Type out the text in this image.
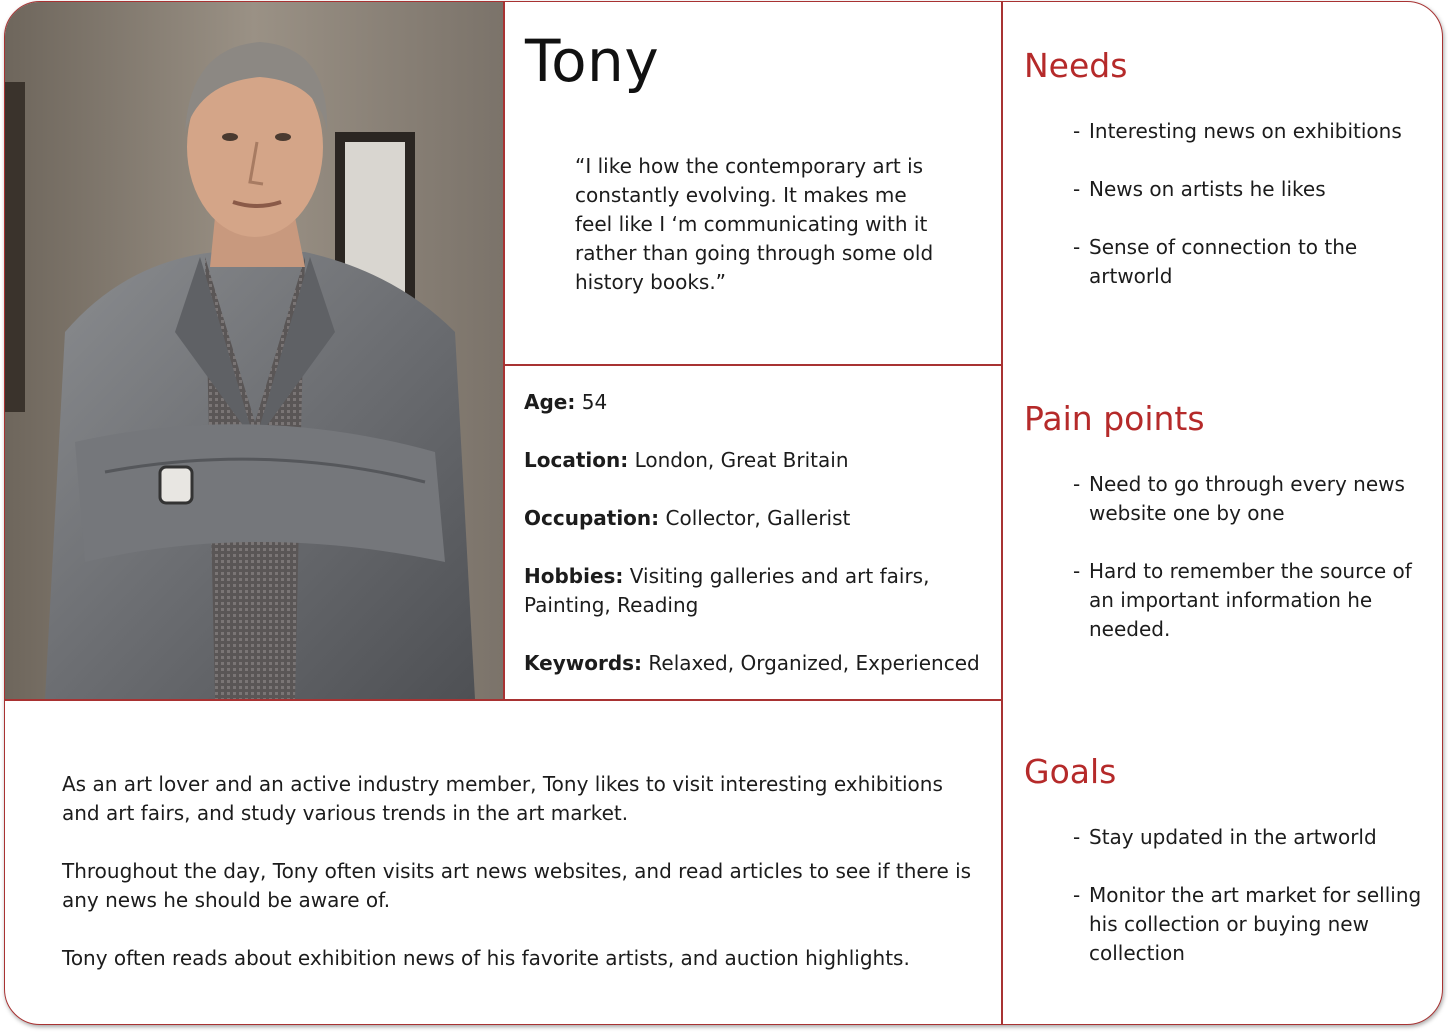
Tony

“I like how the contemporary art is constantly evolving. It makes me feel like I ‘m communicating with it rather than going through some old history books.”

Age: 54

Location: London, Great Britain

Occupation: Collector, Gallerist

Hobbies: Visiting galleries and art fairs, Painting, Reading

Keywords: Relaxed, Organized, Experienced

As an art lover and an active industry member, Tony likes to visit interesting exhibitions and art fairs, and study various trends in the art market.

Throughout the day, Tony often visits art news websites, and read articles to see if there is any news he should be aware of.

Tony often reads about exhibition news of his favorite artists, and auction highlights.

Needs
- Interesting news on exhibitions
- News on artists he likes
- Sense of connection to the artworld
Pain points
- Need to go through every news website one by one
- Hard to remember the source of an important information he needed.
Goals
- Stay updated in the artworld
- Monitor the art market for selling his collection or buying new collection
